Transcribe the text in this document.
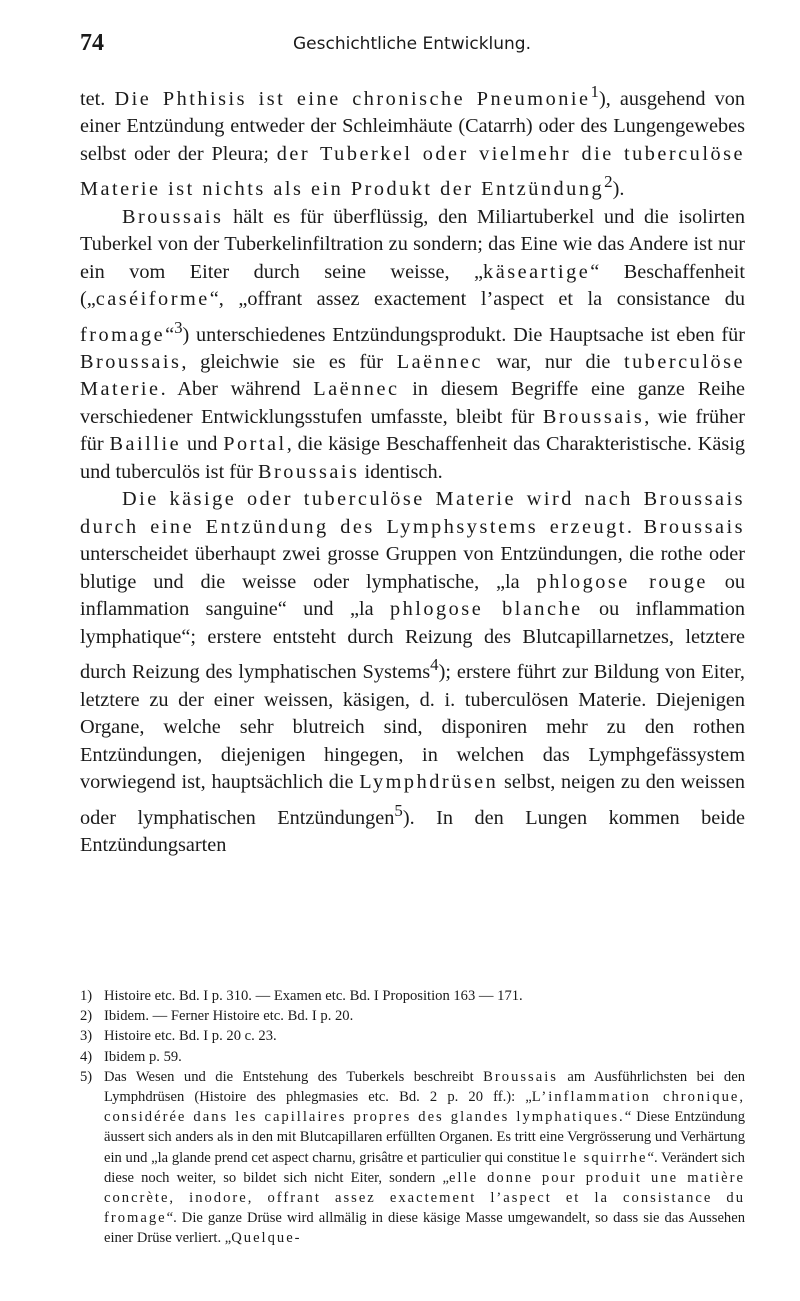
74	Geschichtliche Entwicklung.

tet. Die Phthisis ist eine chronische Pneumonie$^1$), ausgehend von einer Entzündung entweder der Schleimhäute (Catarrh) oder des Lungengewebes selbst oder der Pleura; der Tuberkel oder vielmehr die tuberculöse Materie ist nichts als ein Produkt der Entzündung$^2$).

Broussais hält es für überflüssig, den Miliartuberkel und die isolirten Tuberkel von der Tuberkelinfiltration zu sondern; das Eine wie das Andere ist nur ein vom Eiter durch seine weisse, „käseartige“ Beschaffenheit („caséiforme“, „offrant assez exactement l’aspect et la consistance du fromage“$^3$) unterschiedenes Entzündungsprodukt. Die Hauptsache ist eben für Broussais, gleichwie sie es für Laënnec war, nur die tuberculöse Materie. Aber während Laënnec in diesem Begriffe eine ganze Reihe verschiedener Entwicklungsstufen umfasste, bleibt für Broussais, wie früher für Baillie und Portal, die käsige Beschaffenheit das Charakteristische. Käsig und tuberculös ist für Broussais identisch.

Die käsige oder tuberculöse Materie wird nach Broussais durch eine Entzündung des Lymphsystems erzeugt. Broussais unterscheidet überhaupt zwei grosse Gruppen von Entzündungen, die rothe oder blutige und die weisse oder lymphatische, „la phlogose rouge ou inflammation sanguine“ und „la phlogose blanche ou inflammation lymphatique“; erstere entsteht durch Reizung des Blutcapillarnetzes, letztere durch Reizung des lymphatischen Systems$^4$); erstere führt zur Bildung von Eiter, letztere zu der einer weissen, käsigen, d. i. tuberculösen Materie. Diejenigen Organe, welche sehr blutreich sind, disponiren mehr zu den rothen Entzündungen, diejenigen hingegen, in welchen das Lymphgefässystem vorwiegend ist, hauptsächlich die Lymphdrüsen selbst, neigen zu den weissen oder lymphatischen Entzündungen$^5$). In den Lungen kommen beide Entzündungsarten

1) Histoire etc. Bd. I p. 310. — Examen etc. Bd. I Proposition 163 — 171.

2) Ibidem. — Ferner Histoire etc. Bd. I p. 20.

3) Histoire etc. Bd. I p. 20 c. 23.

4) Ibidem p. 59.

5) Das Wesen und die Entstehung des Tuberkels beschreibt Broussais am Ausführlichsten bei den Lymphdrüsen (Histoire des phlegmasies etc. Bd. 2 p. 20 ff.): „L’inflammation chronique, considérée dans les capillaires propres des glandes lymphatiques.“ Diese Entzündung äussert sich anders als in den mit Blutcapillaren erfüllten Organen. Es tritt eine Vergrösserung und Verhärtung ein und „la glande prend cet aspect charnu, grisâtre et particulier qui constitue le squirrhe“. Verändert sich diese noch weiter, so bildet sich nicht Eiter, sondern „elle donne pour produit une matière concrète, inodore, offrant assez exactement l’aspect et la consistance du fromage“. Die ganze Drüse wird allmälig in diese käsige Masse umgewandelt, so dass sie das Aussehen einer Drüse verliert. „Quelque-
